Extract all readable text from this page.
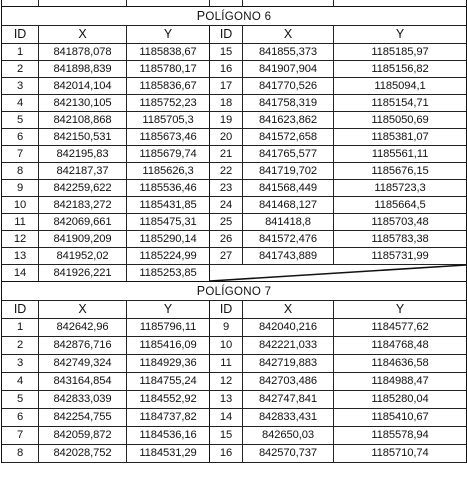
POLÍGONO 6
ID	X	Y	ID	X	Y
1	841878,078	1185838,67	15	841855,373	1185185,97
2	841898,839	1185780,17	16	841907,904	1185156,82
3	842014,104	1185836,67	17	841770,526	1185094,1
4	842130,105	1185752,23	18	841758,319	1185154,71
5	842108,868	1185705,3	19	841623,862	1185050,69
6	842150,531	1185673,46	20	841572,658	1185381,07
7	842195,83	1185679,74	21	841765,577	1185561,11
8	842187,37	1185626,3	22	841719,702	1185676,15
9	842259,622	1185536,46	23	841568,449	1185723,3
10	842183,272	1185431,85	24	841468,127	1185664,5
11	842069,661	1185475,31	25	841418,8	1185703,48
12	841909,209	1185290,14	26	841572,476	1185783,38
13	841952,02	1185224,99	27	841743,889	1185731,99
14	841926,221	1185253,85
POLÍGONO 7
ID	X	Y	ID	X	Y
1	842642,96	1185796,11	9	842040,216	1184577,62
2	842876,716	1185416,09	10	842221,033	1184768,48
3	842749,324	1184929,36	11	842719,883	1184636,58
4	843164,854	1184755,24	12	842703,486	1184988,47
5	842833,039	1184552,92	13	842747,841	1185280,04
6	842254,755	1184737,82	14	842833,431	1185410,67
7	842059,872	1184536,16	15	842650,03	1185578,94
8	842028,752	1184531,29	16	842570,737	1185710,74
